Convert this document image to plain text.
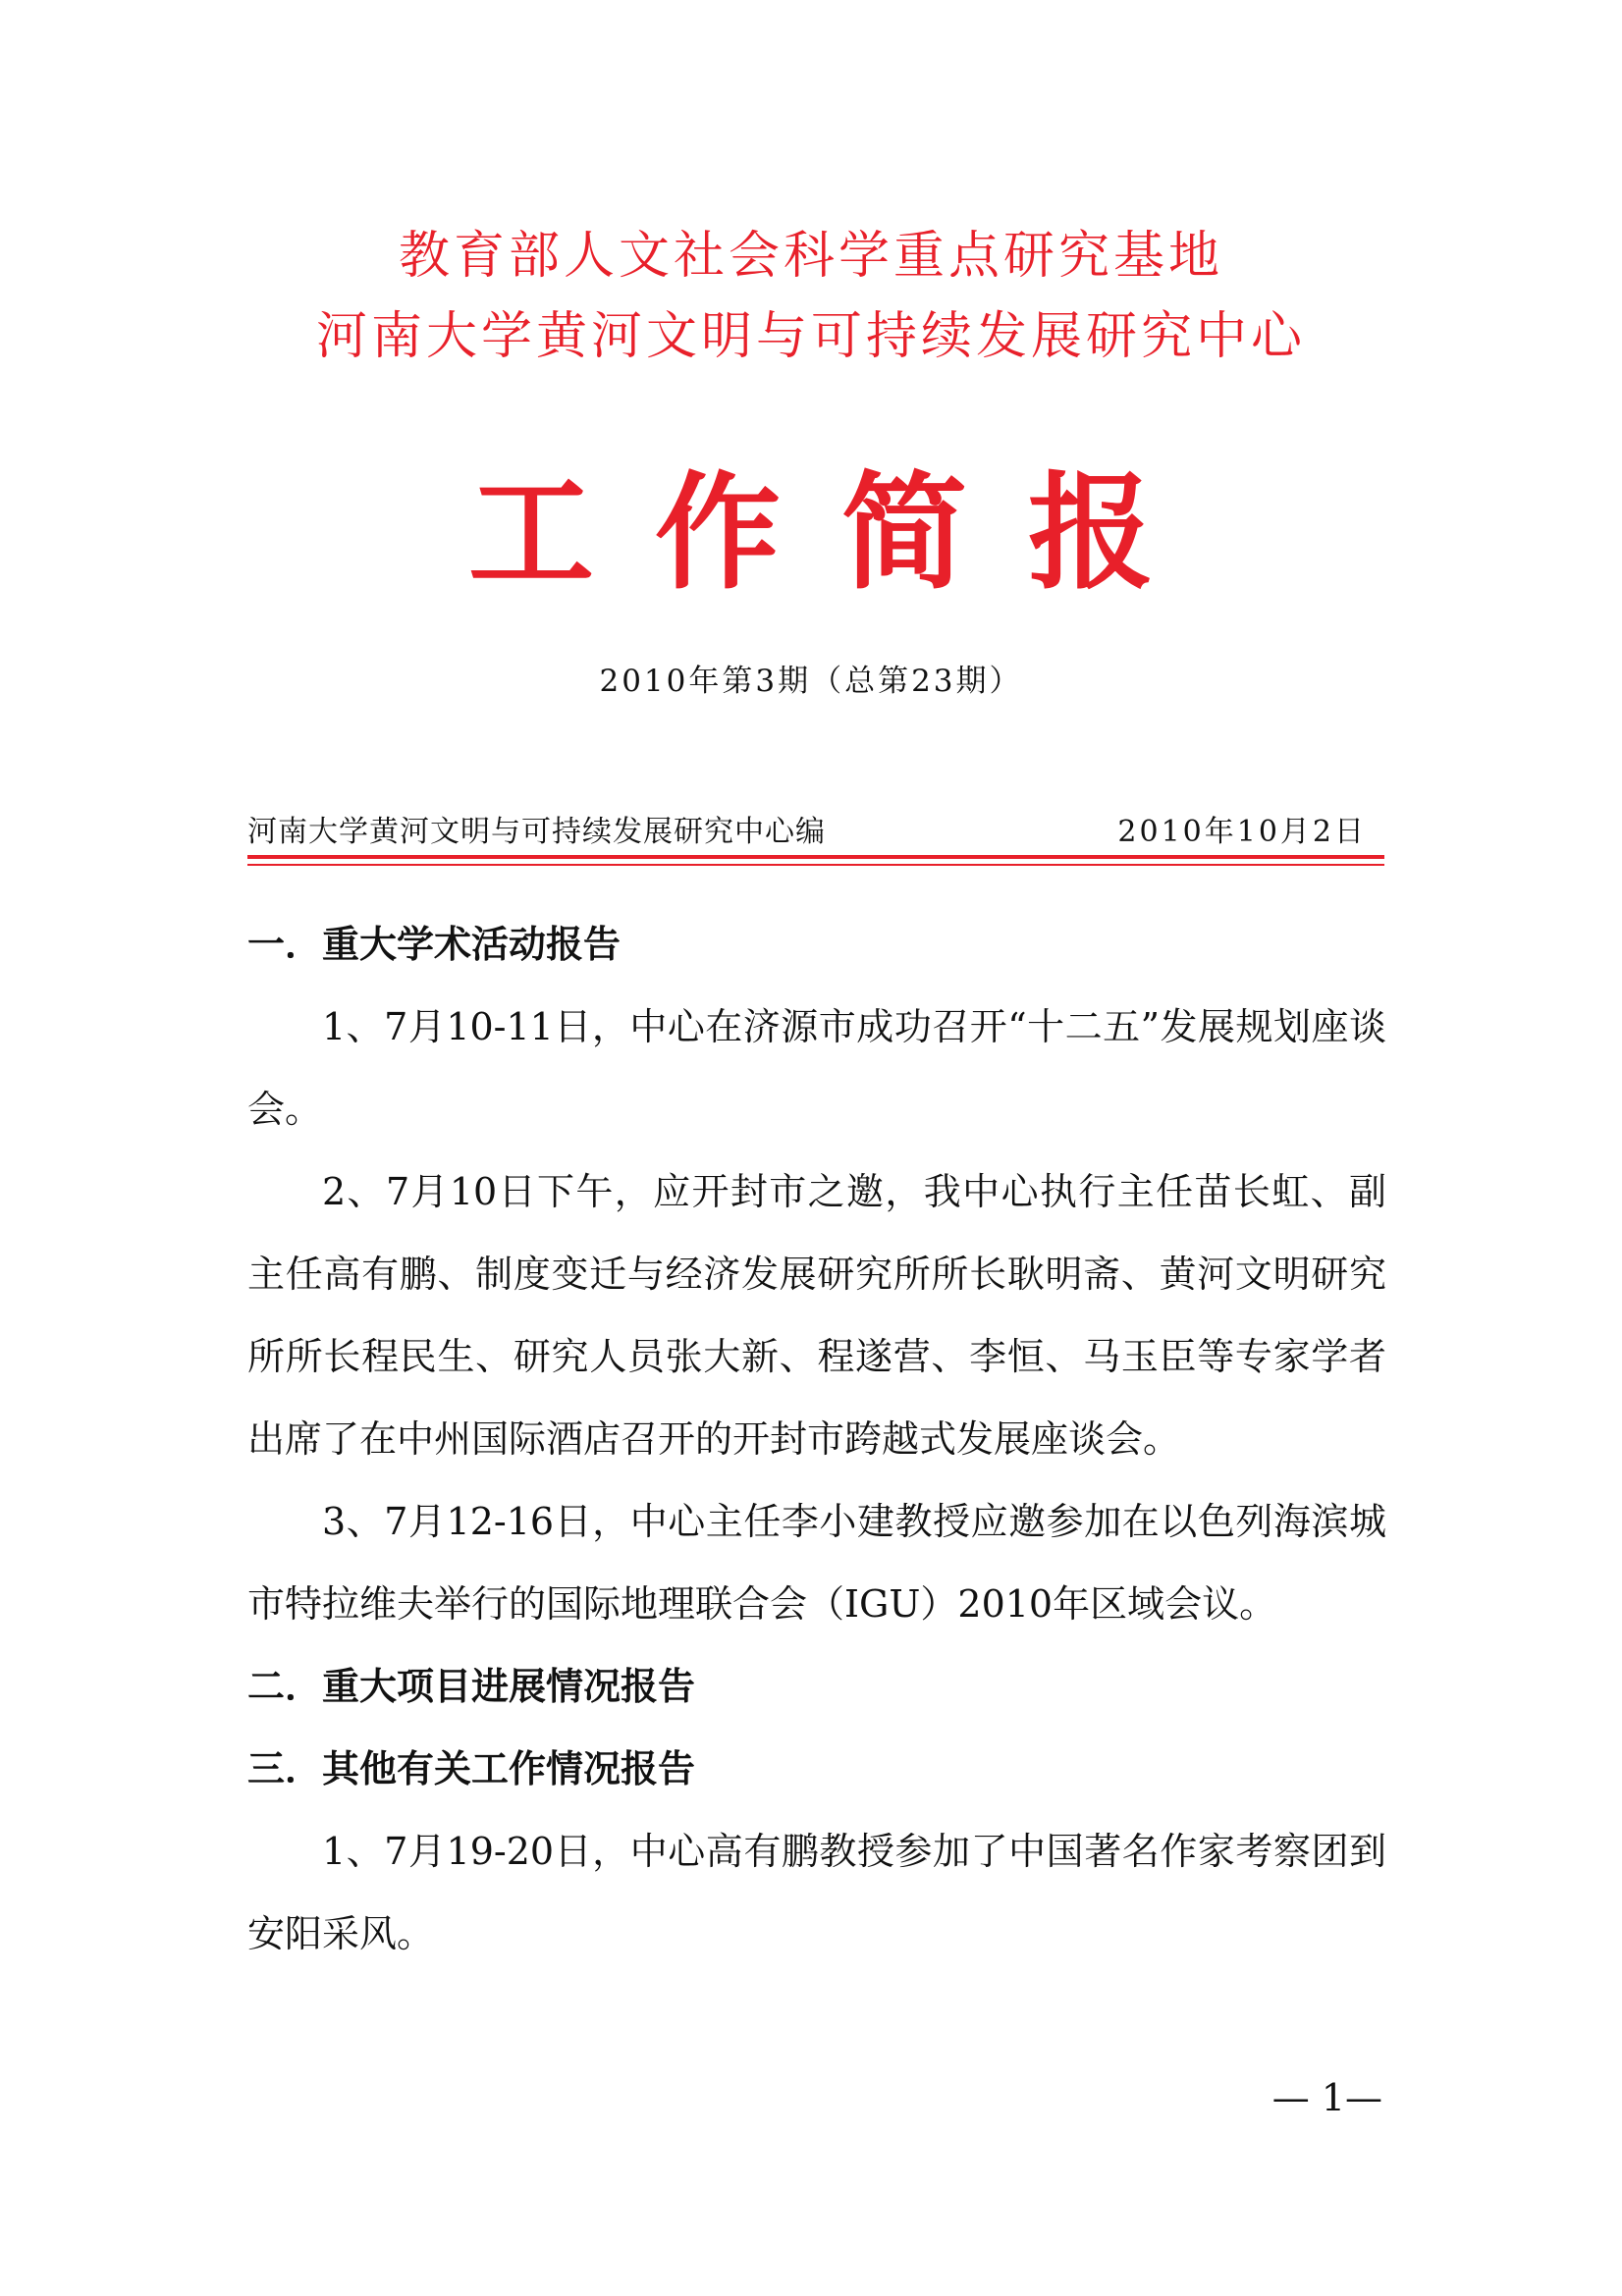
教育部人文社会科学重点研究基地
河南大学黄河文明与可持续发展研究中心
工作简报
2010年第3期（总第23期）
河南大学黄河文明与可持续发展研究中心编	2010年10月2日
一．重大学术活动报告

1、7月10-11日，中心在济源市成功召开“十二五”发展规划座谈会。

2、7月10日下午，应开封市之邀，我中心执行主任苗长虹、副主任高有鹏、制度变迁与经济发展研究所所长耿明斋、黄河文明研究所所长程民生、研究人员张大新、程遂营、李恒、马玉臣等专家学者出席了在中州国际酒店召开的开封市跨越式发展座谈会。

3、7月12-16日，中心主任李小建教授应邀参加在以色列海滨城市特拉维夫举行的国际地理联合会（IGU）2010年区域会议。

二．重大项目进展情况报告
三．其他有关工作情况报告

1、7月19-20日，中心高有鹏教授参加了中国著名作家考察团到安阳采风。

— 1—
